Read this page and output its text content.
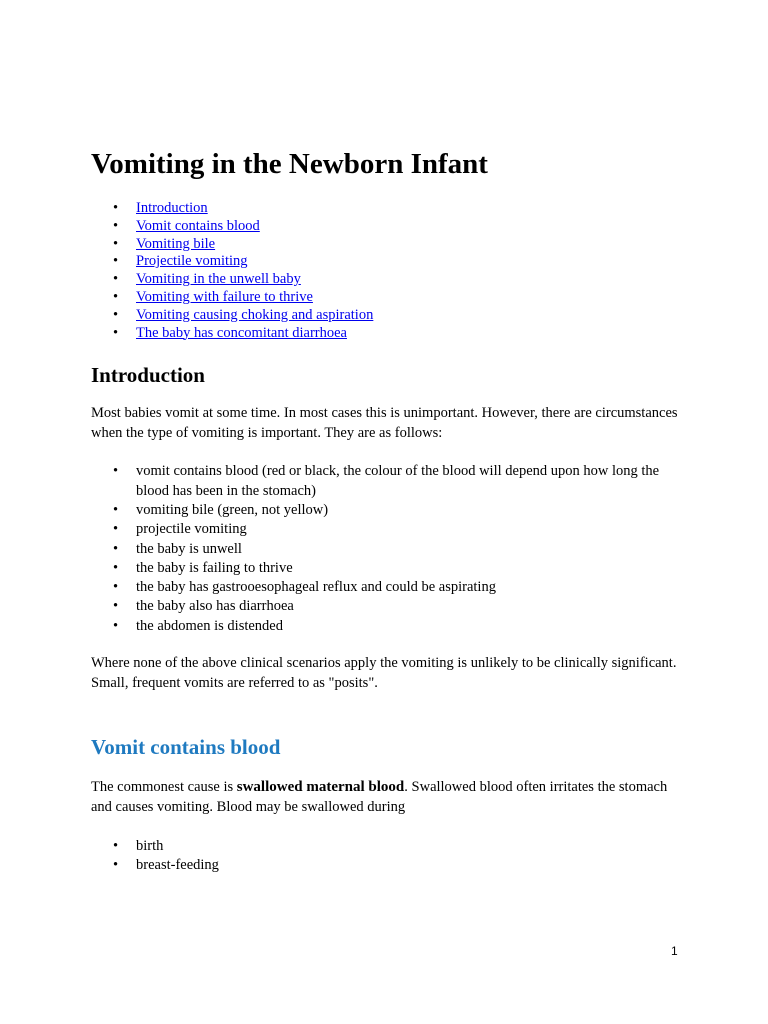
Vomiting in the Newborn Infant
• Introduction
• Vomit contains blood
• Vomiting bile
• Projectile vomiting
• Vomiting in the unwell baby
• Vomiting with failure to thrive
• Vomiting causing choking and aspiration
• The baby has concomitant diarrhoea
Introduction

Most babies vomit at some time. In most cases this is unimportant. However, there are circumstances when the type of vomiting is important. They are as follows:

• vomit contains blood (red or black, the colour of the blood will depend upon how long the blood has been in the stomach)
• vomiting bile (green, not yellow)
• projectile vomiting
• the baby is unwell
• the baby is failing to thrive
• the baby has gastrooesophageal reflux and could be aspirating
• the baby also has diarrhoea
• the abdomen is distended

Where none of the above clinical scenarios apply the vomiting is unlikely to be clinically significant. Small, frequent vomits are referred to as "posits".

Vomit contains blood

The commonest cause is swallowed maternal blood. Swallowed blood often irritates the stomach and causes vomiting. Blood may be swallowed during

• birth
• breast-feeding
1
